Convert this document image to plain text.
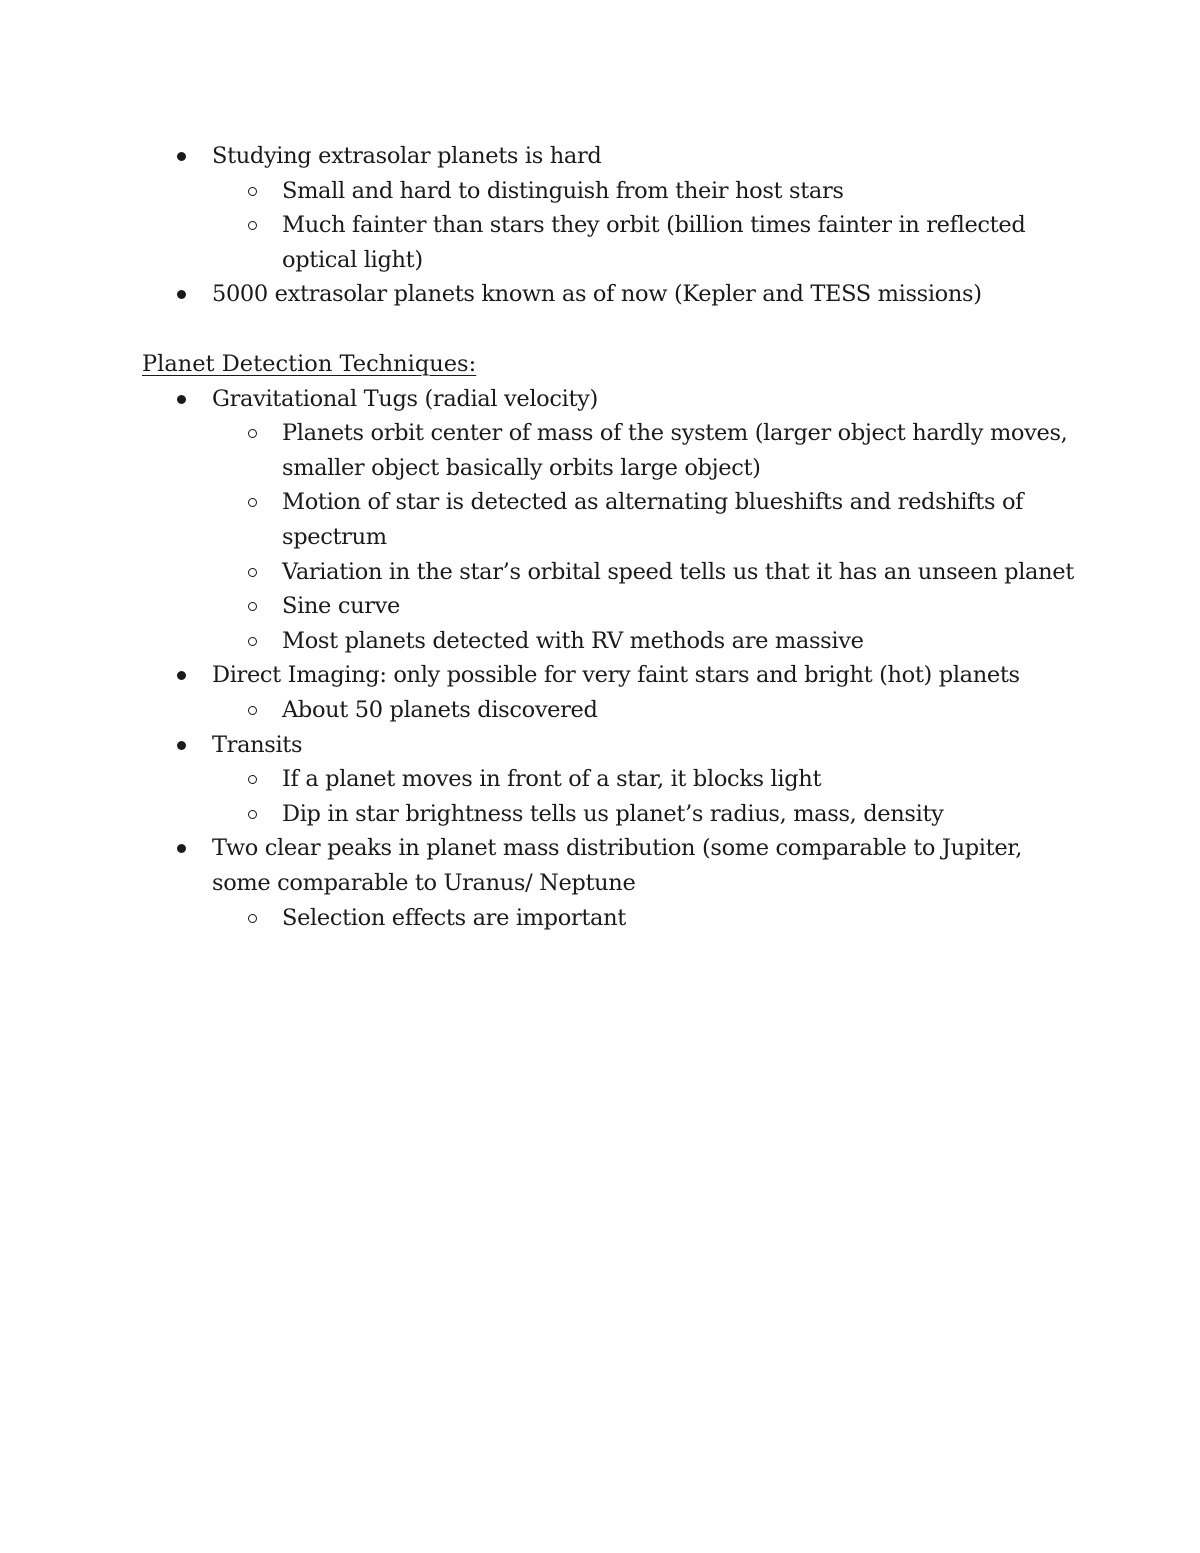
Studying extrasolar planets is hard
Small and hard to distinguish from their host stars
Much fainter than stars they orbit (billion times fainter in reflected optical light)
5000 extrasolar planets known as of now (Kepler and TESS missions)
Planet Detection Techniques:
Gravitational Tugs (radial velocity)
Planets orbit center of mass of the system (larger object hardly moves, smaller object basically orbits large object)
Motion of star is detected as alternating blueshifts and redshifts of spectrum
Variation in the star’s orbital speed tells us that it has an unseen planet
Sine curve
Most planets detected with RV methods are massive
Direct Imaging: only possible for very faint stars and bright (hot) planets
About 50 planets discovered
Transits
If a planet moves in front of a star, it blocks light
Dip in star brightness tells us planet’s radius, mass, density
Two clear peaks in planet mass distribution (some comparable to Jupiter, some comparable to Uranus/ Neptune
Selection effects are important
